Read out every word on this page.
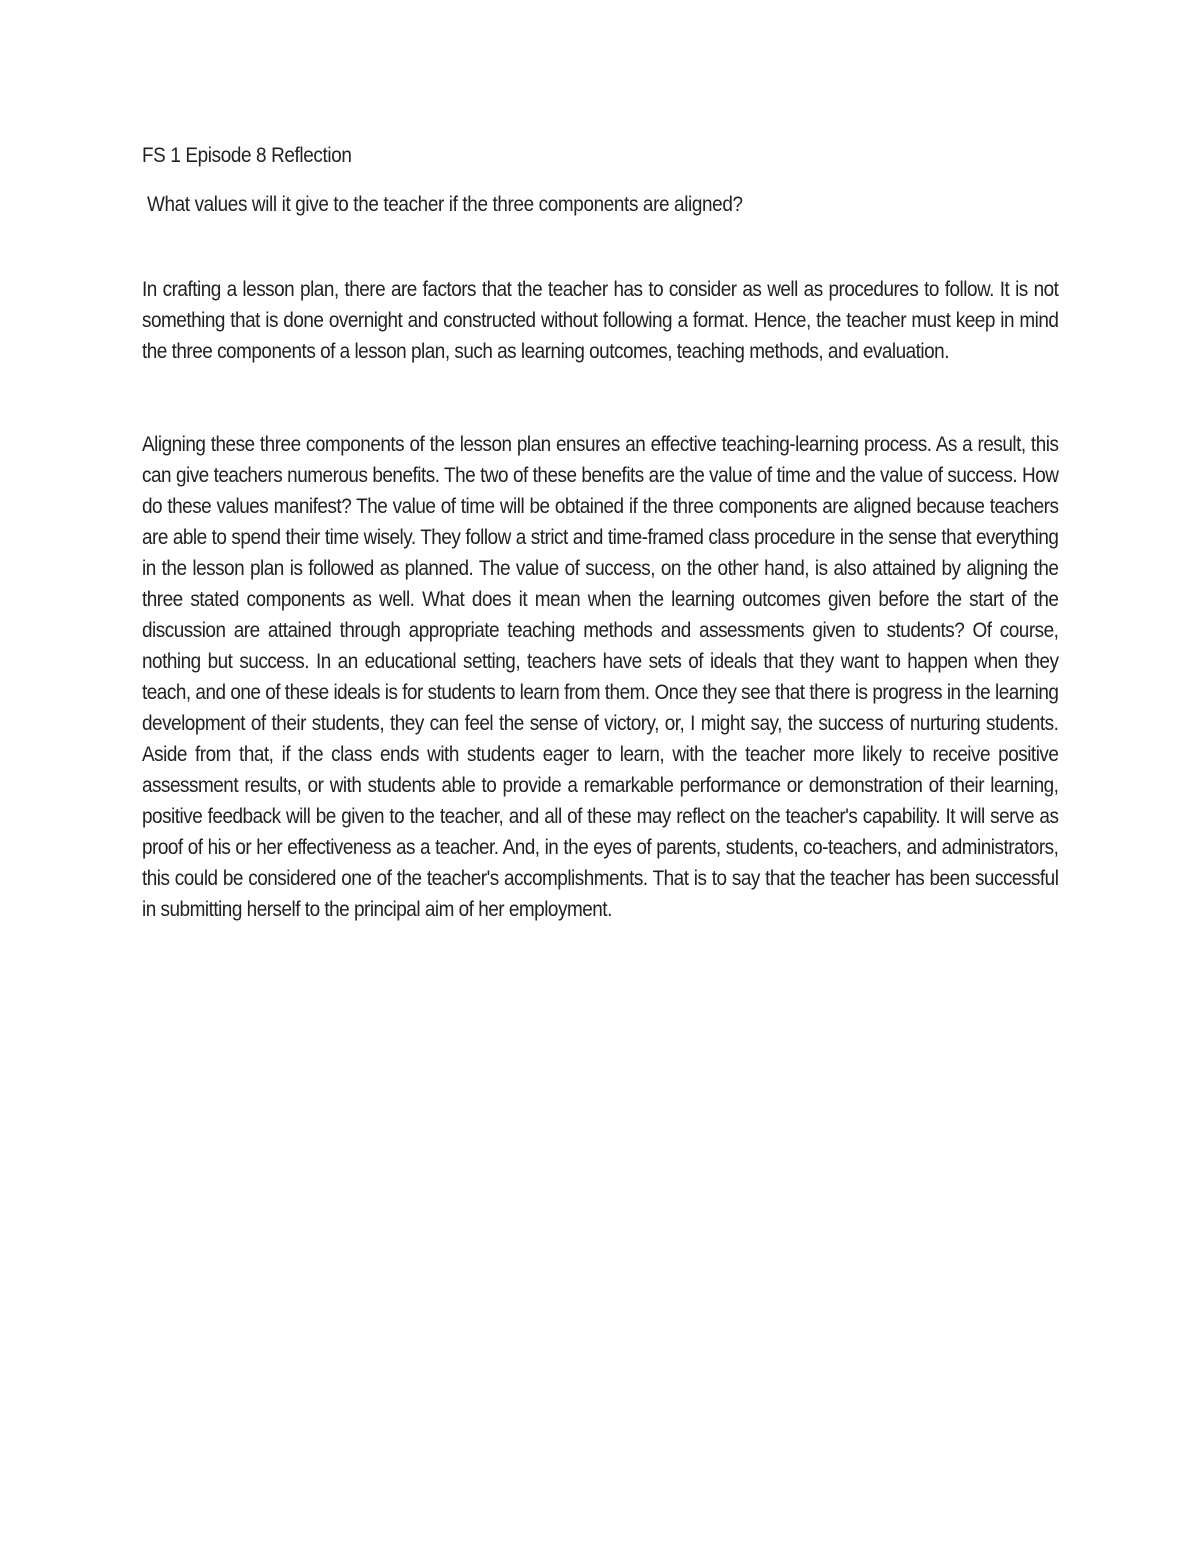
FS 1 Episode 8 Reflection

What values will it give to the teacher if the three components are aligned?

In crafting a lesson plan, there are factors that the teacher has to consider as well as procedures to follow. It is not something that is done overnight and constructed without following a format. Hence, the teacher must keep in mind the three components of a lesson plan, such as learning outcomes, teaching methods, and evaluation.
Aligning these three components of the lesson plan ensures an effective teaching-learning process. As a result, this can give teachers numerous benefits. The two of these benefits are the value of time and the value of success. How do these values manifest? The value of time will be obtained if the three components are aligned because teachers are able to spend their time wisely. They follow a strict and time-framed class procedure in the sense that everything in the lesson plan is followed as planned. The value of success, on the other hand, is also attained by aligning the three stated components as well. What does it mean when the learning outcomes given before the start of the discussion are attained through appropriate teaching methods and assessments given to students? Of course, nothing but success. In an educational setting, teachers have sets of ideals that they want to happen when they teach, and one of these ideals is for students to learn from them. Once they see that there is progress in the learning development of their students, they can feel the sense of victory, or, I might say, the success of nurturing students. Aside from that, if the class ends with students eager to learn, with the teacher more likely to receive positive assessment results, or with students able to provide a remarkable performance or demonstration of their learning, positive feedback will be given to the teacher, and all of these may reflect on the teacher's capability. It will serve as proof of his or her effectiveness as a teacher. And, in the eyes of parents, students, co-teachers, and administrators, this could be considered one of the teacher's accomplishments. That is to say that the teacher has been successful in submitting herself to the principal aim of her employment.
